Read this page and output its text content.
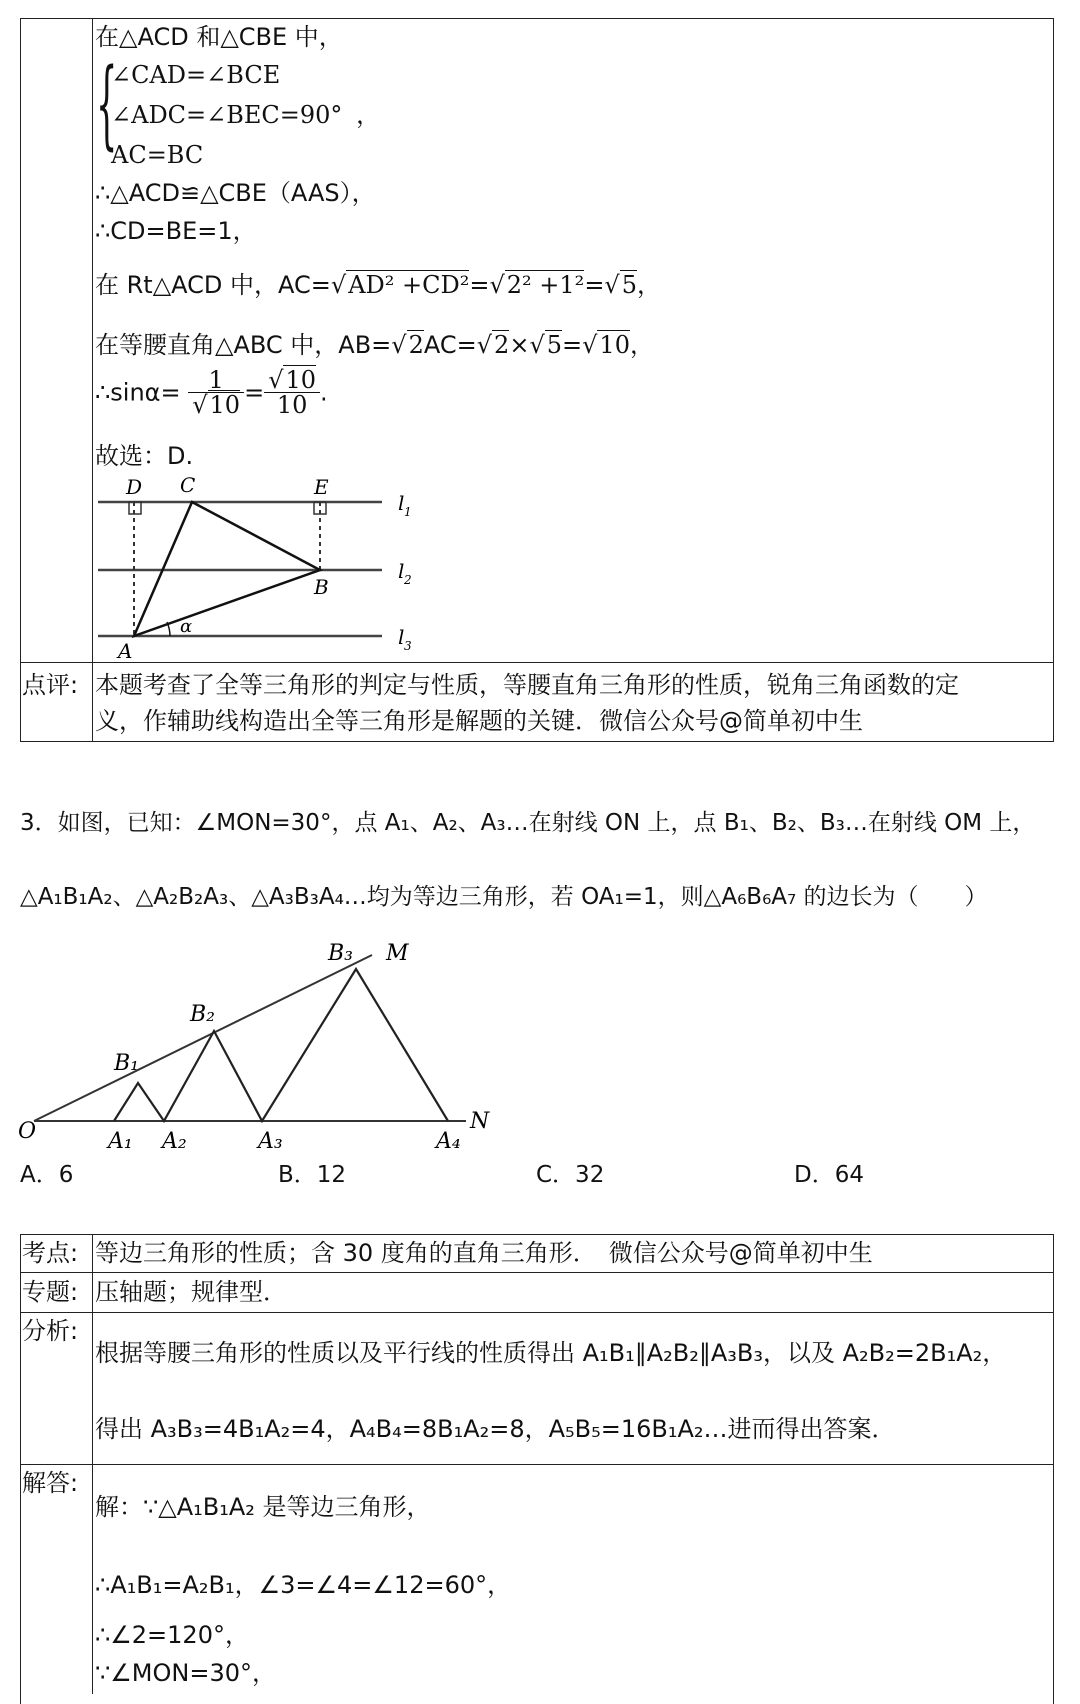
在△ACD 和△CBE 中，
{
∠CAD=∠BCE
∠ADC=∠BEC=90° ，
AC=BC
∴△ACD≌△CBE（AAS），
∴CD=BE=1，
在 Rt△ACD 中，AC=√AD² +CD²=√2² +1²=√5，
在等腰直角△ABC 中，AB=√2AC=√2×√5=√10，
∴sinα= $\frac{1}{√10} = \frac{√10}{10}$ .
故选：D.
D C	E
B
A
α
l 1
l 2
l 3
点评: 本题考查了全等三角形的判定与性质，等腰直角三角形的性质，锐角三角函数的定
义，作辅助线构造出全等三角形是解题的关键．微信公众号@简单初中生
3．如图，已知：∠MON=30°，点 A₁、A₂、A₃…在射线 ON 上，点 B₁、B₂、B₃…在射线 OM 上，
△A₁B₁A₂、△A₂B₂A₃、△A₃B₃A₄…均为等边三角形，若 OA₁=1，则△A₆B₆A₇ 的边长为（　　）
O	N
M
A₁ A₂	A₃	A₄
B₁
B₂
B₃
A．6	B．12	C．32	D．64
考点: 等边三角形的性质；含 30 度角的直角三角形．　微信公众号@简单初中生
专题: 压轴题；规律型．
分析:
根据等腰三角形的性质以及平行线的性质得出 A₁B₁∥A₂B₂∥A₃B₃，以及 A₂B₂=2B₁A₂，
得出 A₃B₃=4B₁A₂=4，A₄B₄=8B₁A₂=8，A₅B₅=16B₁A₂…进而得出答案．
解答:
解：∵△A₁B₁A₂ 是等边三角形，
∴A₁B₁=A₂B₁，∠3=∠4=∠12=60°，
∴∠2=120°，
∵∠MON=30°，
